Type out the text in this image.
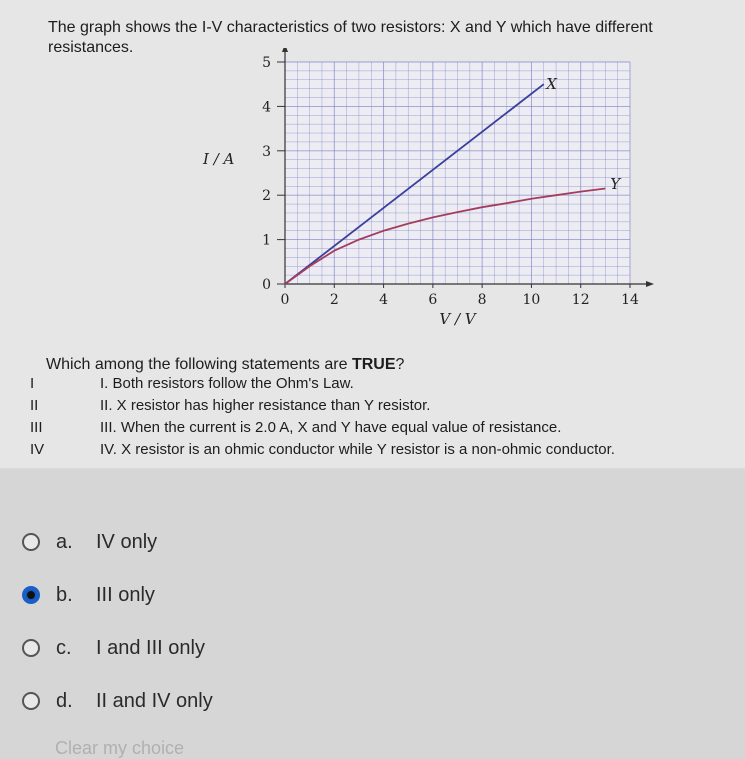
The graph shows the I-V characteristics of two resistors: X and Y which have different resistances.
0	2	4	6	8	10 12 14
0
1
2
3
4
5
V / V
I / A
X
Y
Which among the following statements are TRUE?
I	I. Both resistors follow the Ohm's Law.
II	II. X resistor has higher resistance than Y resistor.
III	III. When the current is 2.0 A, X and Y have equal value of resistance.
IV	IV. X resistor is an ohmic conductor while Y resistor is a non-ohmic conductor.
a.	IV only
b.	III only
c.	I and III only
d.	II and IV only
Clear my choice
